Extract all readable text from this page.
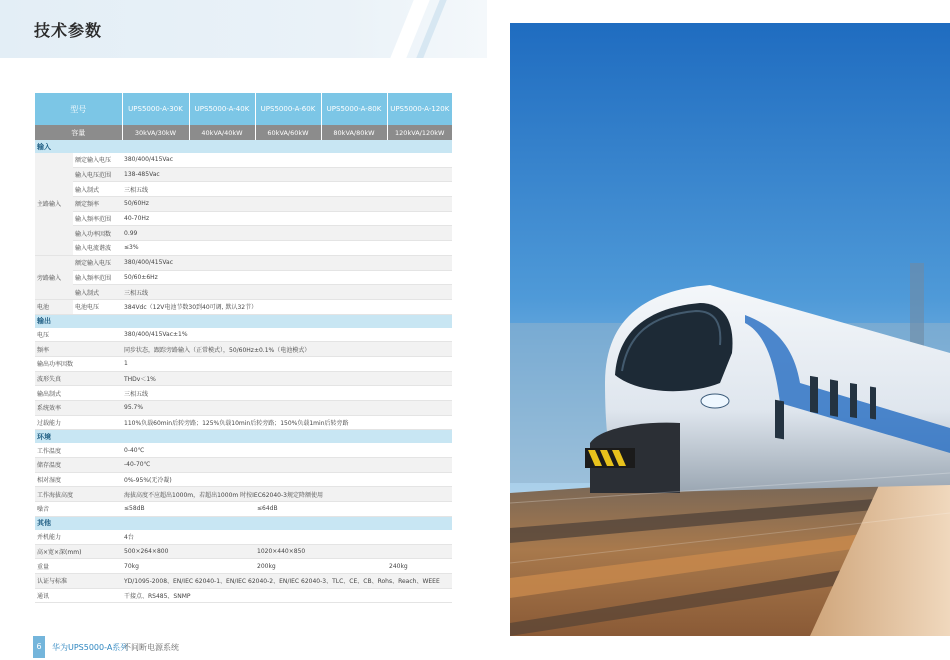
技术参数
型号		UPS5000-A-30K	UPS5000-A-40K	UPS5000-A-60K	UPS5000-A-80K	UPS5000-A-120K
容量		30kVA/30kW	40kVA/40kW	60kVA/60kW	80kVA/80kW	120kVA/120kW
输入						
主路输入	额定输入电压	380/400/415Vac				
	输入电压范围	138-485Vac				
	输入制式	三相五线				
	额定频率	50/60Hz				
	输入频率范围	40-70Hz				
	输入功率因数	0.99				
	输入电流谐波	≤3%				
旁路输入	额定输入电压	380/400/415Vac				
	输入频率范围	50/60±6Hz				
	输入制式	三相五线				
电池	电池电压	384Vdc（12V电池节数30到40可调, 默认32节）				
输出						
电压		380/400/415Vac±1%				
频率		同步状态，跟踪旁路输入（正常模式），50/60Hz±0.1%（电池模式）				
输出功率因数		1				
波形失真		THDv＜1%				
输出制式		三相五线				
系统效率		95.7%				
过载能力		110%负载60min后转旁路；125%负载10min后转旁路；150%负载1min后转旁路				
环境						
工作温度		0-40℃				
储存温度		-40-70℃				
相对湿度		0%-95%(无冷凝)				
工作海拔高度		海拔高度不应超出1000m，若超出1000m 时按IEC62040-3规定降额使用				
噪音		≤58dB		≤64dB		
其他						
并机能力		4台				
高×宽×深(mm)		500×264×800		1020×440×850		
重量		70kg		200kg		240kg
认证与标准		YD/1095-2008、EN/IEC 62040-1、EN/IEC 62040-2、EN/IEC 62040-3、TLC、CE、CB、Rohs、Reach、WEEE				
通讯		干接点、RS485、SNMP				
6	华为UPS5000-A系列
不间断电源系统
